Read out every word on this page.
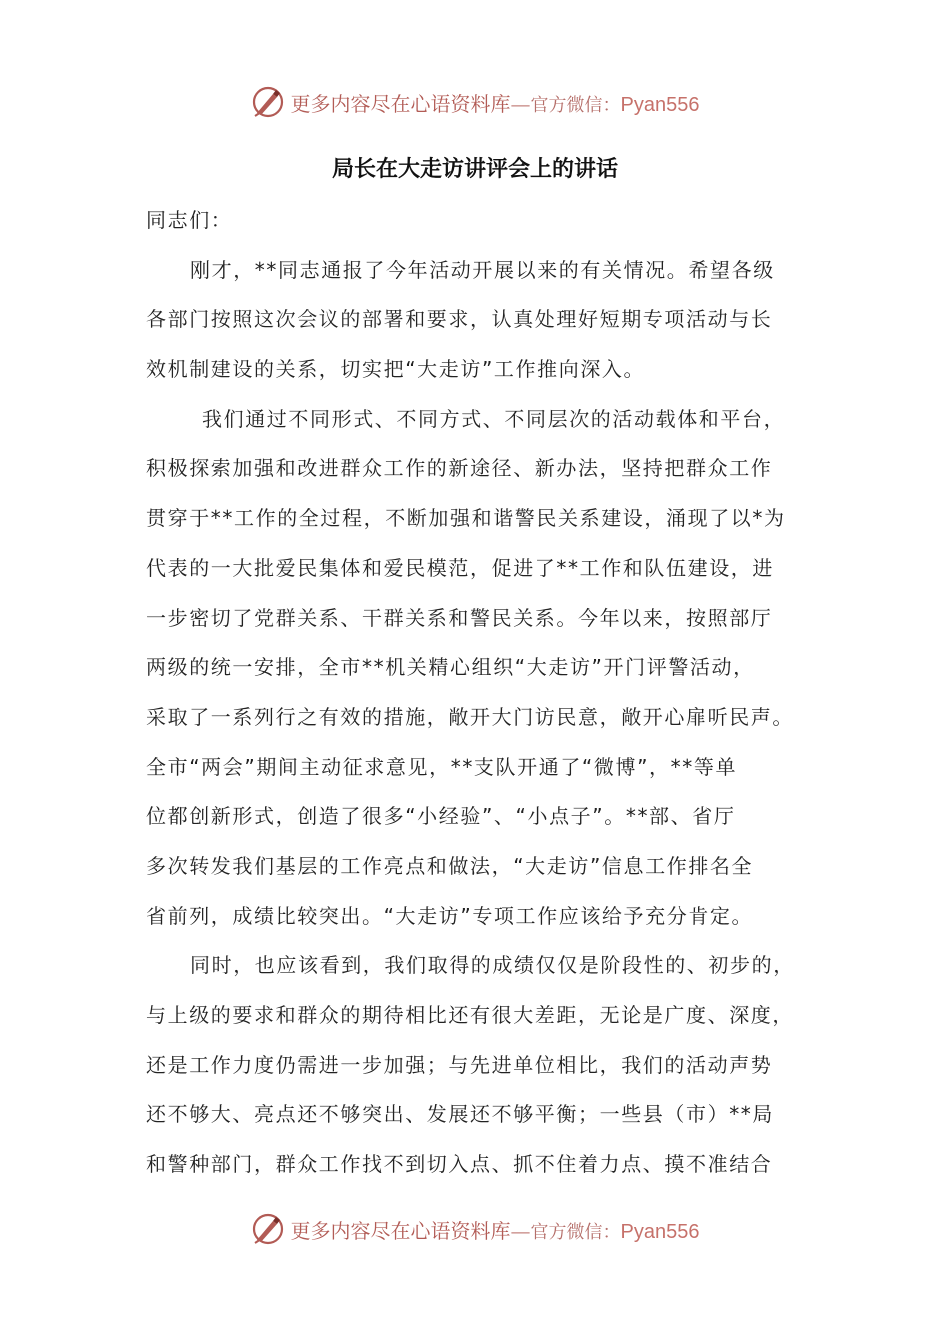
更多内容尽在心语资料库 — 官方微信： Pyan556
局长在大走访讲评会上的讲话
同志们：
刚才，**同志通报了今年活动开展以来的有关情况。希望各级
各部门按照这次会议的部署和要求，认真处理好短期专项活动与长
效机制建设的关系，切实把“大走访”工作推向深入。
我们通过不同形式、不同方式、不同层次的活动载体和平台，
积极探索加强和改进群众工作的新途径、新办法，坚持把群众工作
贯穿于**工作的全过程，不断加强和谐警民关系建设，涌现了以*为
代表的一大批爱民集体和爱民模范，促进了**工作和队伍建设，进
一步密切了党群关系、干群关系和警民关系。今年以来，按照部厅
两级的统一安排，全市**机关精心组织“大走访”开门评警活动，
采取了一系列行之有效的措施，敞开大门访民意，敞开心扉听民声。
全市“两会”期间主动征求意见，**支队开通了“微博”，**等单
位都创新形式，创造了很多“小经验”、“小点子”。**部、省厅
多次转发我们基层的工作亮点和做法，“大走访”信息工作排名全
省前列，成绩比较突出。“大走访”专项工作应该给予充分肯定。
同时，也应该看到，我们取得的成绩仅仅是阶段性的、初步的，
与上级的要求和群众的期待相比还有很大差距，无论是广度、深度，
还是工作力度仍需进一步加强；与先进单位相比，我们的活动声势
还不够大、亮点还不够突出、发展还不够平衡；一些县（市）**局
和警种部门，群众工作找不到切入点、抓不住着力点、摸不准结合
更多内容尽在心语资料库 — 官方微信： Pyan556
